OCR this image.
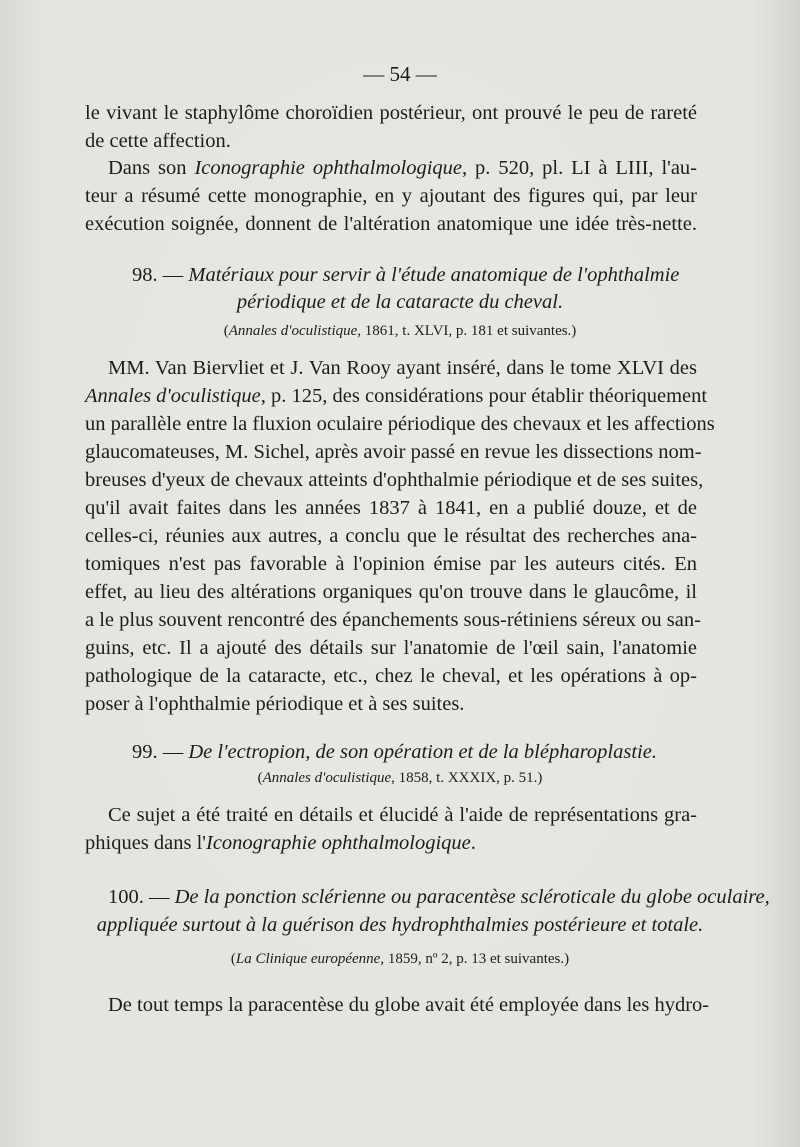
— 54 —
le vivant le staphylôme choroïdien postérieur, ont prouvé le peu de rareté
de cette affection.
Dans son Iconographie ophthalmologique, p. 520, pl. LI à LIII, l'au-
teur a résumé cette monographie, en y ajoutant des figures qui, par leur
exécution soignée, donnent de l'altération anatomique une idée très-nette.
98. — Matériaux pour servir à l'étude anatomique de l'ophthalmie
périodique et de la cataracte du cheval.
(Annales d'oculistique, 1861, t. XLVI, p. 181 et suivantes.)
MM. Van Biervliet et J. Van Rooy ayant inséré, dans le tome XLVI des
Annales d'oculistique, p. 125, des considérations pour établir théoriquement
un parallèle entre la fluxion oculaire périodique des chevaux et les affections
glaucomateuses, M. Sichel, après avoir passé en revue les dissections nom-
breuses d'yeux de chevaux atteints d'ophthalmie périodique et de ses suites,
qu'il avait faites dans les années 1837 à 1841, en a publié douze, et de
celles-ci, réunies aux autres, a conclu que le résultat des recherches ana-
tomiques n'est pas favorable à l'opinion émise par les auteurs cités. En
effet, au lieu des altérations organiques qu'on trouve dans le glaucôme, il
a le plus souvent rencontré des épanchements sous-rétiniens séreux ou san-
guins, etc. Il a ajouté des détails sur l'anatomie de l'œil sain, l'anatomie
pathologique de la cataracte, etc., chez le cheval, et les opérations à op-
poser à l'ophthalmie périodique et à ses suites.
99. — De l'ectropion, de son opération et de la blépharoplastie.
(Annales d'oculistique, 1858, t. XXXIX, p. 51.)
Ce sujet a été traité en détails et élucidé à l'aide de représentations gra-
phiques dans l'Iconographie ophthalmologique.
100. — De la ponction sclérienne ou paracentèse scléroticale du globe oculaire,
appliquée surtout à la guérison des hydrophthalmies postérieure et totale.
(La Clinique européenne, 1859, nº 2, p. 13 et suivantes.)
De tout temps la paracentèse du globe avait été employée dans les hydro-
